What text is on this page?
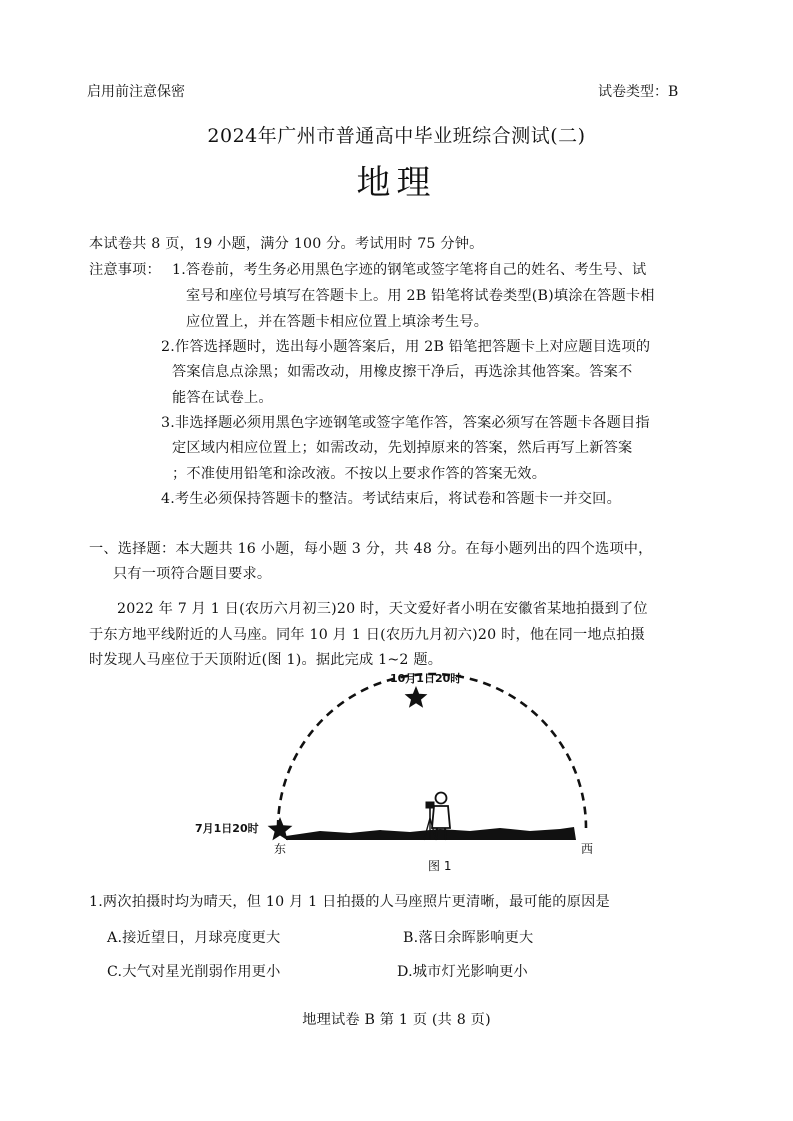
启用前注意保密	试卷类型：B
2024年广州市普通高中毕业班综合测试(二)
地理
本试卷共 8 页，19 小题，满分 100 分。考试用时 75 分钟。
注意事项： 1.答卷前，考生务必用黑色字迹的钢笔或签字笔将自己的姓名、考生号、试
室号和座位号填写在答题卡上。用 2B 铅笔将试卷类型(B)填涂在答题卡相
应位置上，并在答题卡相应位置上填涂考生号。
2.作答选择题时，选出每小题答案后，用 2B 铅笔把答题卡上对应题目选项的
答案信息点涂黑；如需改动，用橡皮擦干净后，再选涂其他答案。答案不
能答在试卷上。
3.非选择题必须用黑色字迹钢笔或签字笔作答，答案必须写在答题卡各题目指
定区域内相应位置上；如需改动，先划掉原来的答案，然后再写上新答案
；不准使用铅笔和涂改液。不按以上要求作答的答案无效。
4.考生必须保持答题卡的整洁。考试结束后，将试卷和答题卡一并交回。
一、选择题：本大题共 16 小题，每小题 3 分，共 48 分。在每小题列出的四个选项中，
只有一项符合题目要求。
2022 年 7 月 1 日(农历六月初三)20 时，天文爱好者小明在安徽省某地拍摄到了位
于东方地平线附近的人马座。同年 10 月 1 日(农历九月初六)20 时，他在同一地点拍摄
时发现人马座位于天顶附近(图 1)。据此完成 1~2 题。
10月1日20时
7月1日20时
东	西
图 1
1.两次拍摄时均为晴天，但 10 月 1 日拍摄的人马座照片更清晰，最可能的原因是
A.接近望日，月球亮度更大	B.落日余晖影响更大
C.大气对星光削弱作用更小	D.城市灯光影响更小
地理试卷 B 第 1 页 (共 8 页)
